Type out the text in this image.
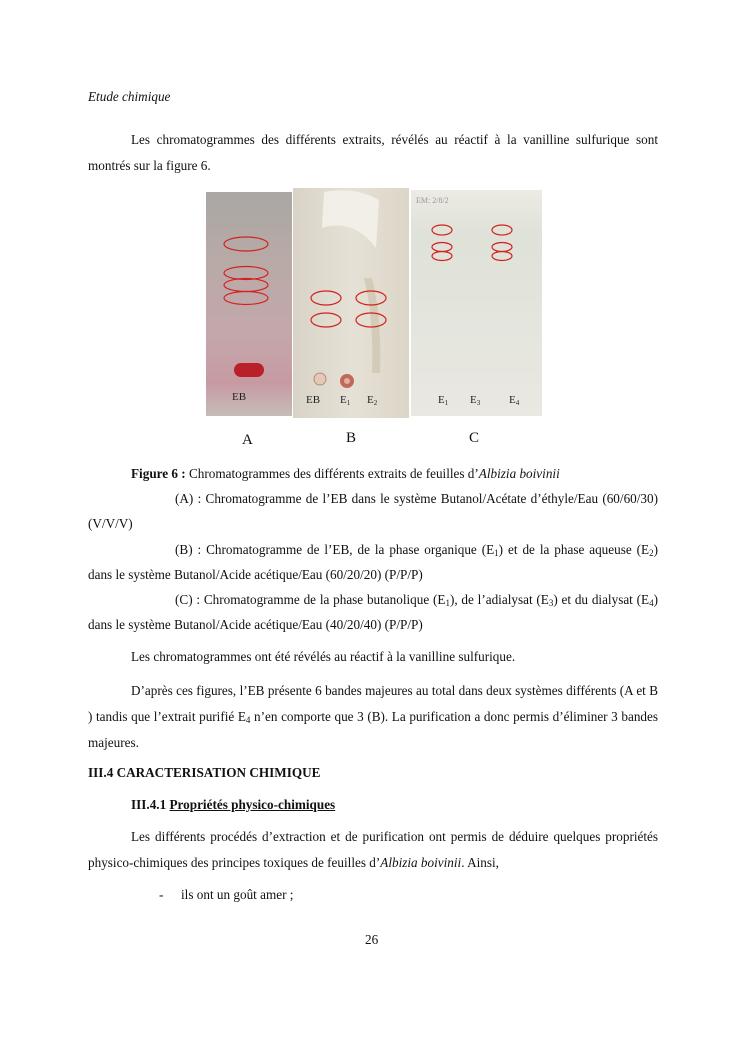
Etude chimique
Les chromatogrammes des différents extraits, révélés au réactif à la vanilline sulfurique sont montrés sur la figure 6.
EB	EB E1 E2
EM: 2/8/2
E1 E3	E4
A	B	C
Figure 6 : Chromatogrammes des différents extraits de feuilles d’Albizia boivinii
(A) : Chromatogramme de l’EB dans le système Butanol/Acétate d’éthyle/Eau (60/60/30) (V/V/V)
(B) : Chromatogramme de l’EB, de la phase organique $(E_1)$ et de la phase aqueuse $(E_2)$ dans le système Butanol/Acide acétique/Eau (60/20/20) (P/P/P)
(C) : Chromatogramme de la phase butanolique $(E_1)$, de l’adialysat $(E_3)$ et du dialysat $(E_4)$ dans le système Butanol/Acide acétique/Eau (40/20/40) (P/P/P)
Les chromatogrammes ont été révélés au réactif à la vanilline sulfurique.
D’après ces figures, l’EB présente 6 bandes majeures au total dans deux systèmes différents (A et B ) tandis que l’extrait purifié $E_4$ n’en comporte que 3 (B). La purification a donc permis d’éliminer 3 bandes majeures.
III.4 CARACTERISATION CHIMIQUE
III.4.1 Propriétés physico-chimiques
Les différents procédés d’extraction et de purification ont permis de déduire quelques propriétés physico-chimiques des principes toxiques de feuilles d’Albizia boivinii. Ainsi,
- ils ont un goût amer ;
26
